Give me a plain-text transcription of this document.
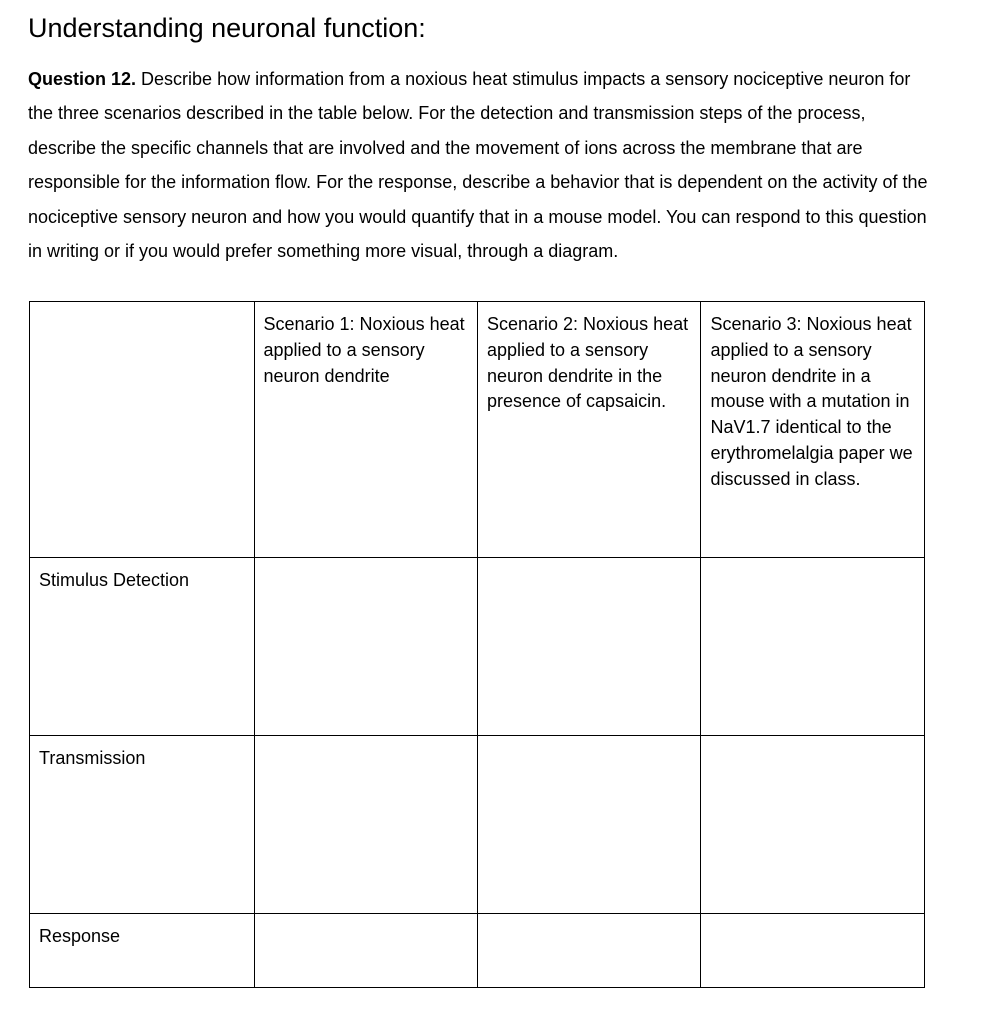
Understanding neuronal function:

Question 12. Describe how information from a noxious heat stimulus impacts a sensory nociceptive neuron for the three scenarios described in the table below. For the detection and transmission steps of the process, describe the specific channels that are involved and the movement of ions across the membrane that are responsible for the information flow. For the response, describe a behavior that is dependent on the activity of the nociceptive sensory neuron and how you would quantify that in a mouse model. You can respond to this question in writing or if you would prefer something more visual, through a diagram.

	Scenario 1: Noxious heat applied to a sensory neuron dendrite	Scenario 2: Noxious heat applied to a sensory neuron dendrite in the presence of capsaicin.	Scenario 3: Noxious heat applied to a sensory neuron dendrite in a mouse with a mutation in NaV1.7 identical to the erythromelalgia paper we discussed in class.
Stimulus Detection			
Transmission			
Response			
